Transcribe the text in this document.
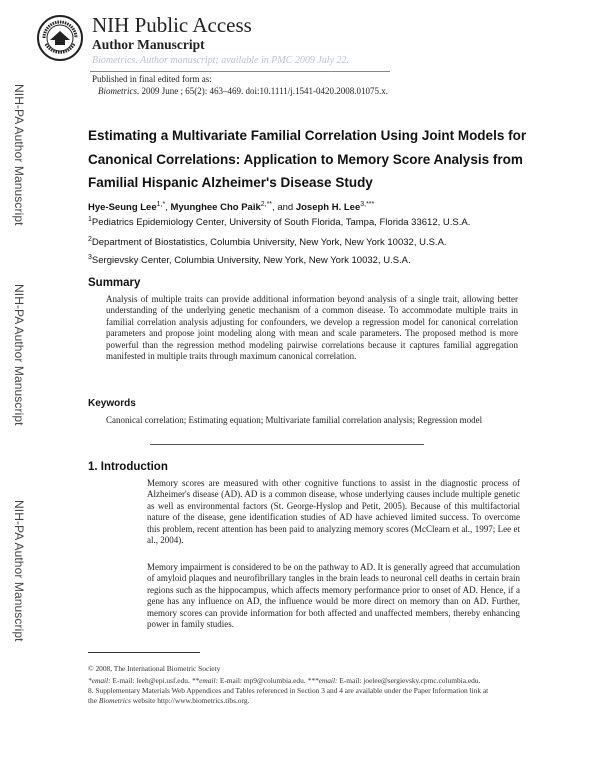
NIH Public Access
Author Manuscript
Biometrics. Author manuscript; available in PMC 2009 July 22.
Published in final edited form as:
Biometrics. 2009 June ; 65(2): 463–469. doi:10.1111/j.1541-0420.2008.01075.x.
NIH-PA Author Manuscript
NIH-PA Author Manuscript
NIH-PA Author Manuscript
Estimating a Multivariate Familial Correlation Using Joint Models for Canonical Correlations: Application to Memory Score Analysis from Familial Hispanic Alzheimer's Disease Study
Hye-Seung Lee$^{1,*}$, Myunghee Cho Paik$^{2,**}$, and Joseph H. Lee$^{3,***}$
$^1$Pediatrics Epidemiology Center, University of South Florida, Tampa, Florida 33612, U.S.A.
$^2$Department of Biostatistics, Columbia University, New York, New York 10032, U.S.A.
$^3$Sergievsky Center, Columbia University, New York, New York 10032, U.S.A.
Summary
Analysis of multiple traits can provide additional information beyond analysis of a single trait, allowing better understanding of the underlying genetic mechanism of a common disease. To accommodate multiple traits in familial correlation analysis adjusting for confounders, we develop a regression model for canonical correlation parameters and propose joint modeling along with mean and scale parameters. The proposed method is more powerful than the regression method modeling pairwise correlations because it captures familial aggregation manifested in multiple traits through maximum canonical correlation.
Keywords
Canonical correlation; Estimating equation; Multivariate familial correlation analysis; Regression model
1. Introduction
Memory scores are measured with other cognitive functions to assist in the diagnostic process of Alzheimer's disease (AD). AD is a common disease, whose underlying causes include multiple genetic as well as environmental factors (St. George-Hyslop and Petit, 2005). Because of this multifactorial nature of the disease, gene identification studies of AD have achieved limited success. To overcome this problem, recent attention has been paid to analyzing memory scores (McClearn et al., 1997; Lee et al., 2004).
Memory impairment is considered to be on the pathway to AD. It is generally agreed that accumulation of amyloid plaques and neurofibrillary tangles in the brain leads to neuronal cell deaths in certain brain regions such as the hippocampus, which affects memory performance prior to onset of AD. Hence, if a gene has any influence on AD, the influence would be more direct on memory than on AD. Further, memory scores can provide information for both affected and unaffected members, thereby enhancing power in family studies.
© 2008, The International Biometric Society
*email: E-mail: leeh@epi.usf.edu. **email: E-mail: mp9@columbia.edu. ***email: E-mail: joelee@sergievsky.cpmc.columbia.edu.
8. Supplementary Materials Web Appendices and Tables referenced in Section 3 and 4 are available under the Paper Information link at
the Biometrics website http://www.biometrics.tibs.org.
